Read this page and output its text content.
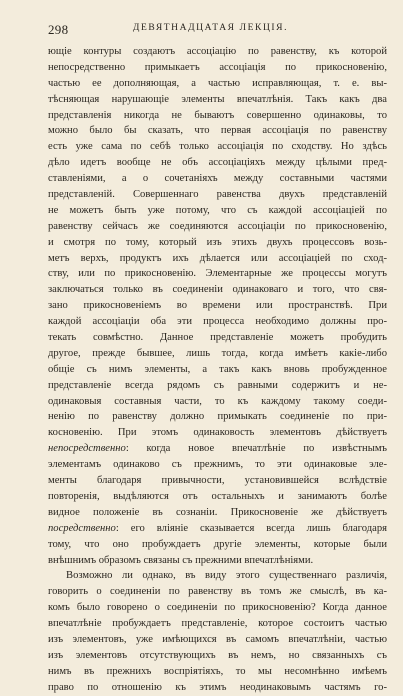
298	ДЕВЯТНАДЦАТАЯ ЛЕКЦІЯ.
ющіе контуры создаютъ ассоціацію по равенству, къ которой
непосредственно примыкаетъ ассоціація по прикосновенію,
частью ее дополняющая, а частью исправляющая, т. е. вы-
тѣсняющая нарушающіе элементы впечатлѣнія. Такъ какъ два
представленія никогда не бываютъ совершенно одинаковы, то
можно было бы сказать, что первая ассоціація по равенству
есть уже сама по себѣ только ассоціація по сходству. Но здѣсь
дѣло идетъ вообще не объ ассоціаціяхъ между цѣлыми пред-
ставленіями, а о сочетаніяхъ между составными частями
представленій. Совершеннаго равенства двухъ представленій
не можетъ быть уже потому, что съ каждой ассоціаціей по
равенству сейчасъ же соединяются ассоціаціи по прикосновенію,
и смотря по тому, который изъ этихъ двухъ процессовъ возь-
метъ верхъ, продуктъ ихъ дѣлается или ассоціаціей по сход-
ству, или по прикосновенію. Элементарные же процессы могутъ
заключаться только въ соединеніи одинаковаго и того, что свя-
зано прикосновеніемъ во времени или пространствѣ. При
каждой ассоціаціи оба эти процесса необходимо должны про-
текать совмѣстно. Данное представленіе можетъ пробудить
другое, прежде бывшее, лишь тогда, когда имѣетъ какіе-либо
общіе съ нимъ элементы, а такъ какъ вновь пробужденное
представленіе всегда рядомъ съ равными содержитъ и не-
одинаковыя составныя части, то къ каждому такому соеди-
ненію по равенству должно примыкать соединеніе по при-
косновенію. При этомъ одинаковость элементовъ дѣйствуетъ
непосредственно: когда новое впечатлѣніе по извѣстнымъ
элементамъ одинаково съ прежнимъ, то эти одинаковые эле-
менты благодаря привычности, установившейся вслѣдствіе
повторенія, выдѣляются отъ остальныхъ и занимаютъ болѣе
видное положеніе въ сознаніи. Прикосновеніе же дѣйствуетъ
посредственно: его вліяніе сказывается всегда лишь благодаря
тому, что оно пробуждаетъ другіе элементы, которые были
внѣшнимъ образомъ связаны съ прежними впечатлѣніями.
Возможно ли однако, въ виду этого существеннаго различія,
говорить о соединеніи по равенству въ томъ же смыслѣ, въ ка-
комъ было говорено о соединеніи по прикосновенію? Когда данное
впечатлѣніе пробуждаетъ представленіе, которое состоитъ частью
изъ элементовъ, уже имѣющихся въ самомъ впечатлѣніи, частью
изъ элементовъ отсутствующихъ въ немъ, но связанныхъ съ
нимъ въ прежнихъ воспріятіяхъ, то мы несомнѣнно имѣемъ
право по отношенію къ этимъ неодинаковымъ частямъ го-
